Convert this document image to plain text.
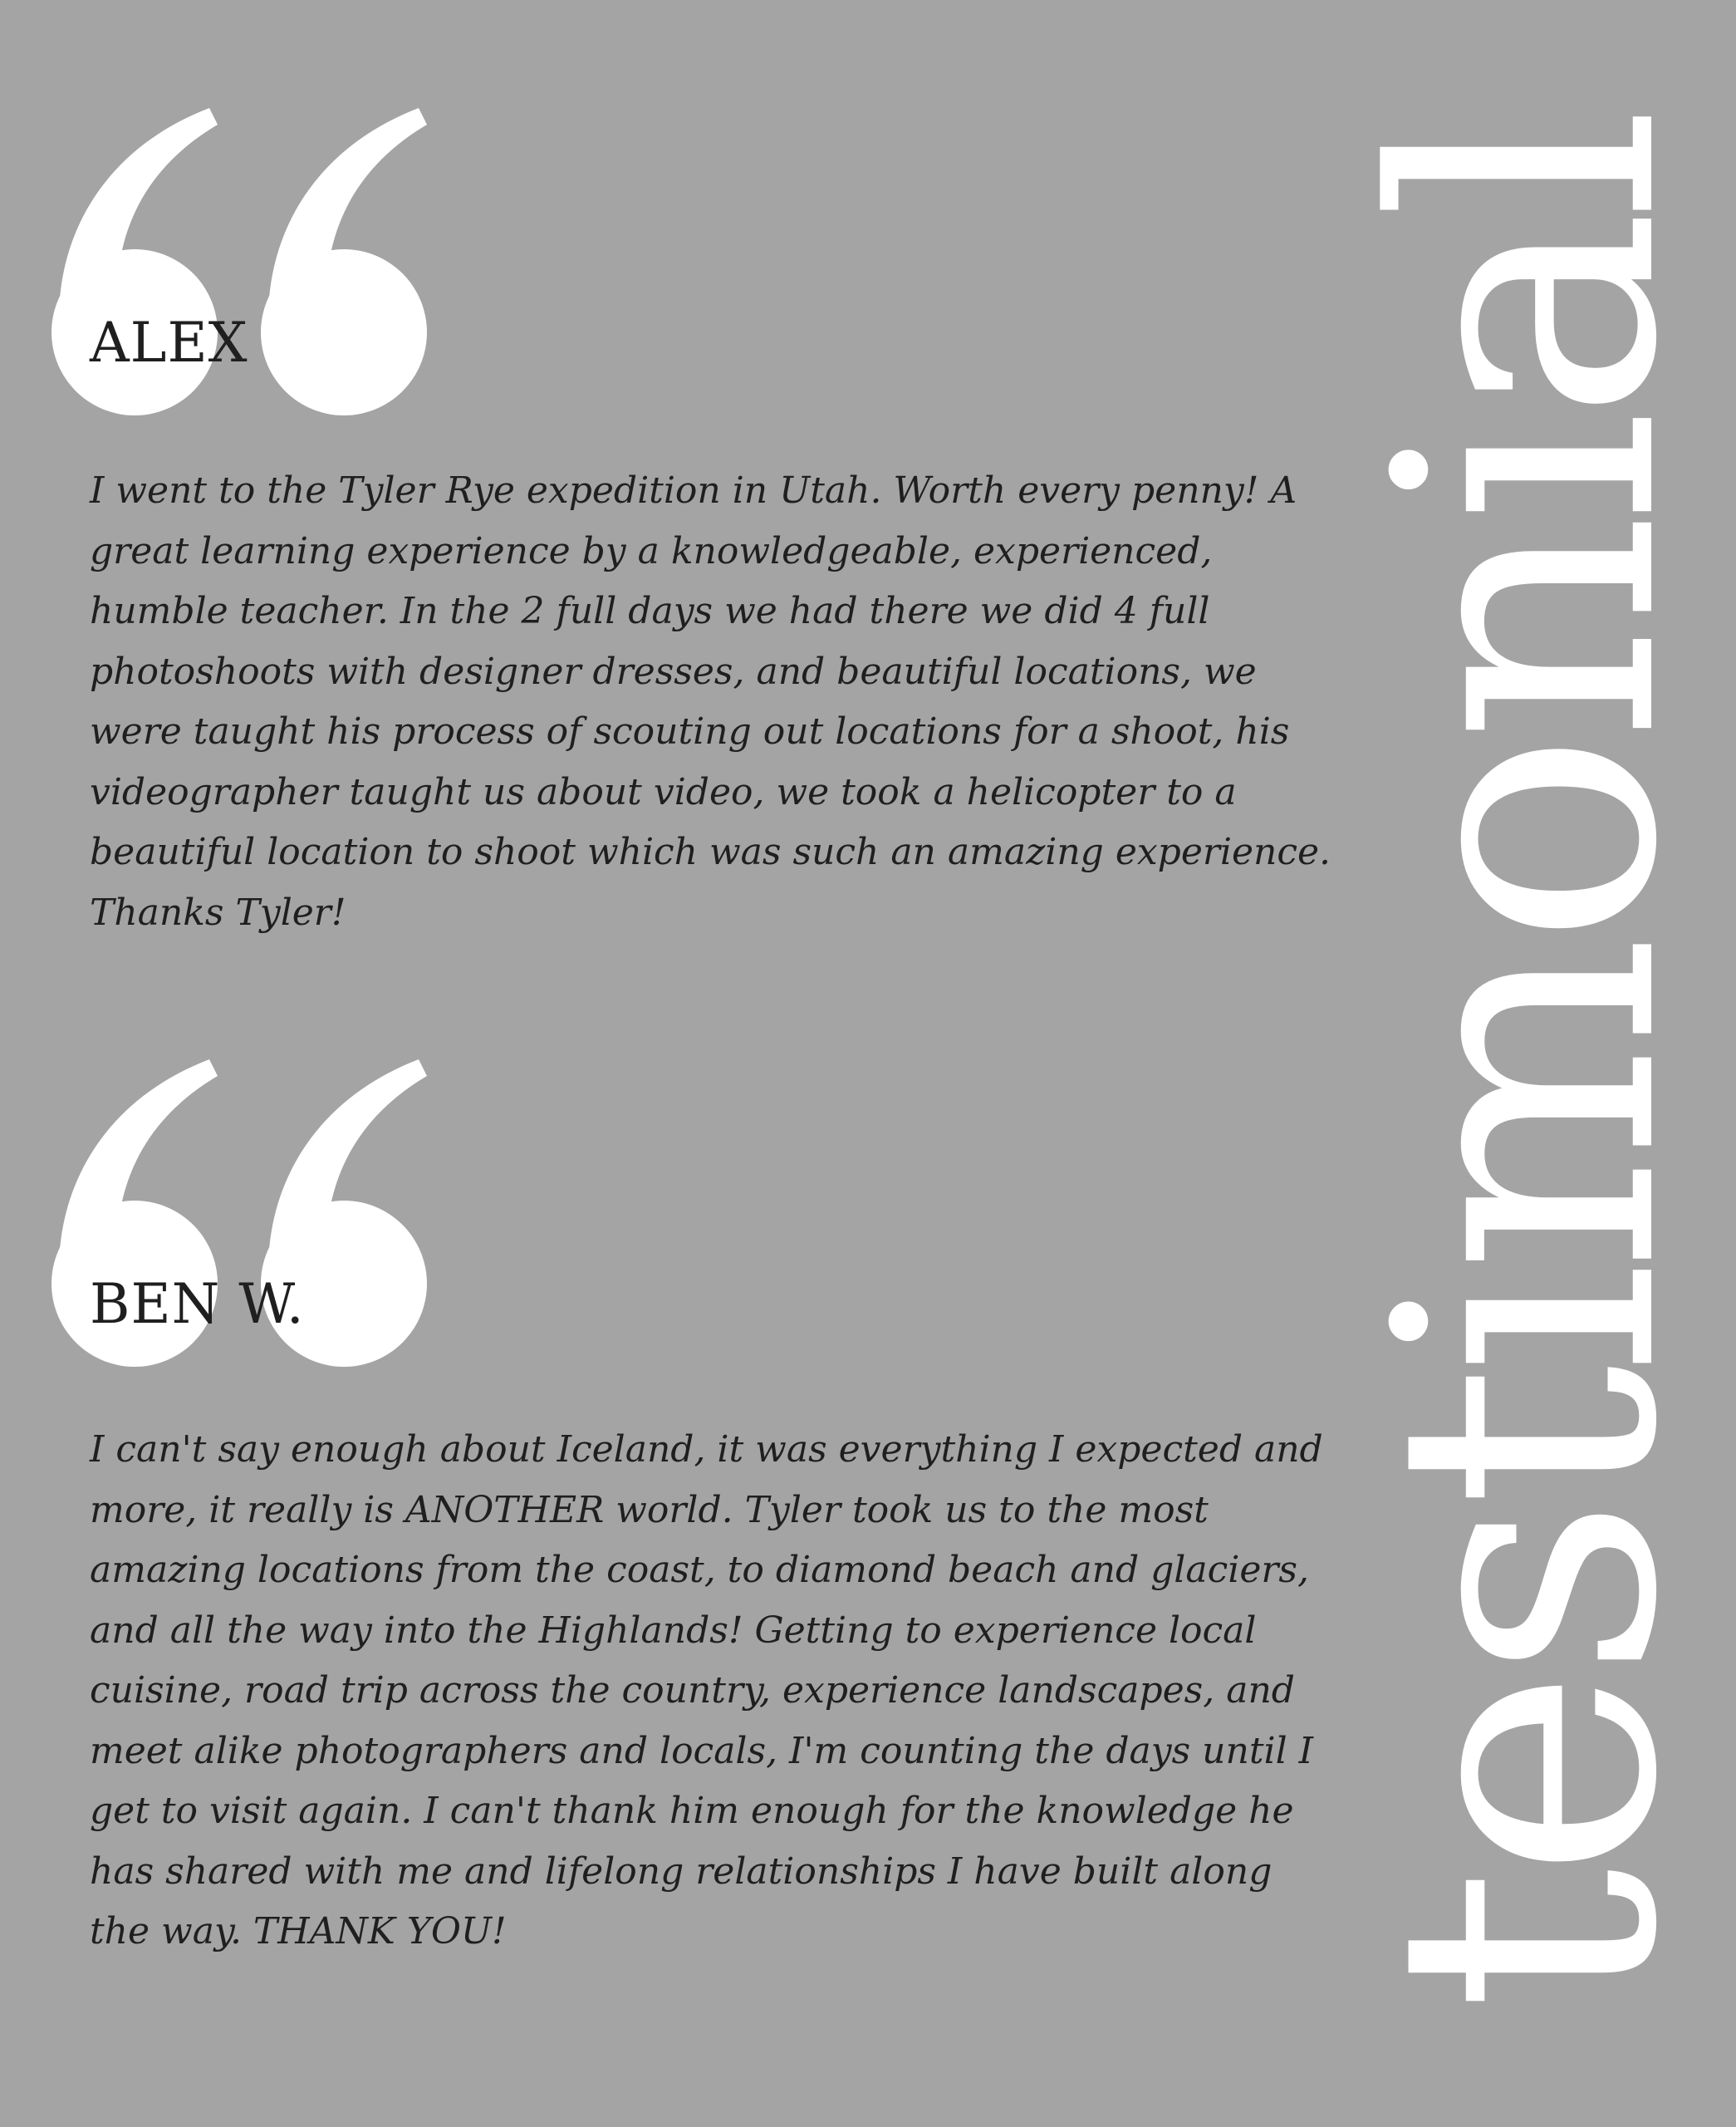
ALEX

I went to the Tyler Rye expedition in Utah. Worth every penny! A great learning experience by a knowledgeable, experienced, humble teacher. In the 2 full days we had there we did 4 full photoshoots with designer dresses, and beautiful locations, we were taught his process of scouting out locations for a shoot, his videographer taught us about video, we took a helicopter to a beautiful location to shoot which was such an amazing experience. Thanks Tyler!

BEN W.

I can't say enough about Iceland, it was everything I expected and more, it really is ANOTHER world. Tyler took us to the most amazing locations from the coast, to diamond beach and glaciers, and all the way into the Highlands! Getting to experience local cuisine, road trip across the country, experience landscapes, and meet alike photographers and locals, I'm counting the days until I get to visit again. I can't thank him enough for the knowledge he has shared with me and lifelong relationships I have built along the way. THANK YOU!	testimonial
